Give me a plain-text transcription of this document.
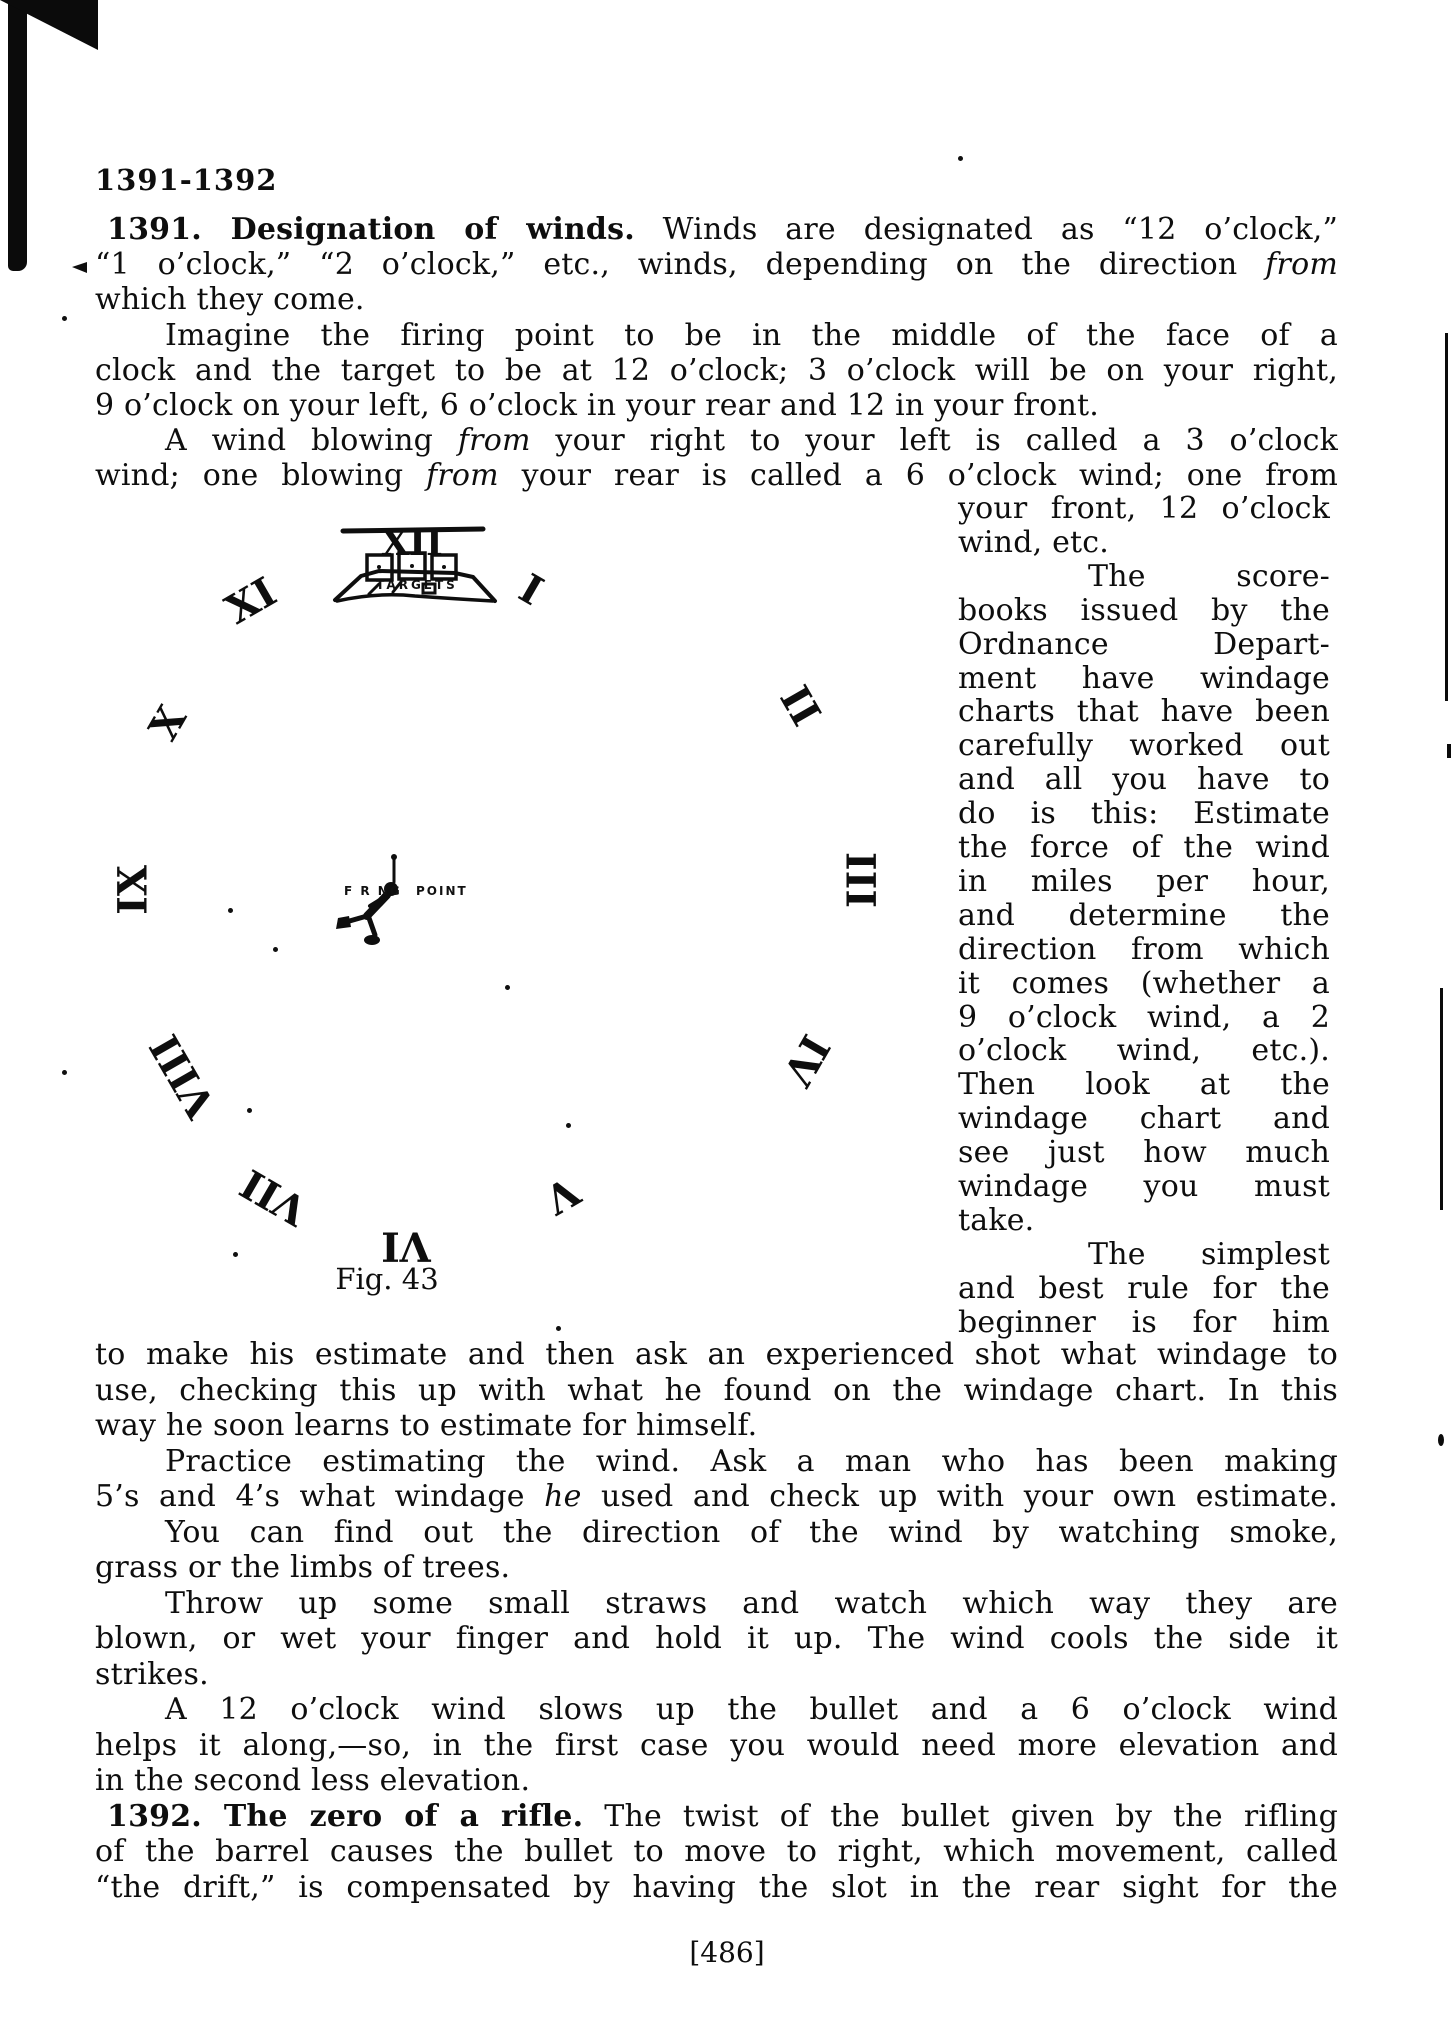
1391-1392
[486]
1391. Designation of winds. Winds are designated as “12 o’clock,”
“1 o’clock,” “2 o’clock,” etc., winds, depending on the direction from
which they come.
Imagine the firing point to be in the middle of the face of a
clock and the target to be at 12 o’clock; 3 o’clock will be on your right,
9 o’clock on your left, 6 o’clock in your rear and 12 in your front.
A wind blowing from your right to your left is called a 3 o’clock
wind; one blowing from your rear is called a 6 o’clock wind; one from
your front, 12 o’clock
wind, etc.
The score-
books issued by the
Ordnance Depart-
ment have windage
charts that have been
carefully worked out
and all you have to
do is this: Estimate
the force of the wind
in miles per hour,
and determine the
direction from which
it comes (whether a
9 o’clock wind, a 2
o’clock wind, etc.).
Then look at the
windage chart and
see just how much
windage you must
take.
The simplest
and best rule for the
beginner is for him
to make his estimate and then ask an experienced shot what windage to
use, checking this up with what he found on the windage chart. In this
way he soon learns to estimate for himself.
Practice estimating the wind. Ask a man who has been making
5’s and 4’s what windage he used and check up with your own estimate.
You can find out the direction of the wind by watching smoke,
grass or the limbs of trees.
Throw up some small straws and watch which way they are
blown, or wet your finger and hold it up. The wind cools the side it
strikes.
A 12 o’clock wind slows up the bullet and a 6 o’clock wind
helps it along,—so, in the first case you would need more elevation and
in the second less elevation.
1392. The zero of a rifle. The twist of the bullet given by the rifling
of the barrel causes the bullet to move to right, which movement, called
“the drift,” is compensated by having the slot in the rear sight for the
TARGETS
F R NG POINT
XII
I
II
III
IV
V
VI
VII
VIII
IX
X
XI
Fig. 43
